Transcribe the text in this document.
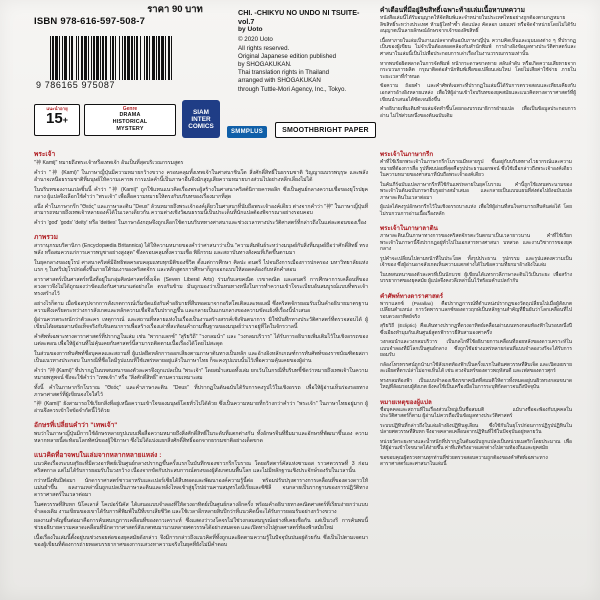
ราคา 90 บาท
ISBN 978-616-597-508-7
9 786165 975087
แนะนำอายุ
15+
Genre
DRAMA
HISTORICAL
MYSTERY
SIAM
INTER
COMICS
SMMPLUS	SMOOTHBRIGHT PAPER
CHI. -CHIKYU NO UNDO NI TSUITE- vol.7
by Uoto

© 2020 Uoto

All rights reserved.

Original Japanese edition published

by SHOGAKUKAN.

Thai translation rights in Thailand

arranged with SHOGAKUKAN

through Tuttle-Mori Agency, Inc., Tokyo.

คำเตือนที่มีอยู่ลิขสิทธิ์เฉพาะท้ายเล่มเนื้อหาบทความ

หนังสือเล่มนี้ได้รับอนุญาตให้จัดพิมพ์และจำหน่ายในประเทศไทยอย่างถูกต้องตามกฎหมายลิขสิทธิ์ระหว่างประเทศ ห้ามผู้ใดทำซ้ำ ดัดแปลง คัดลอก เผยแพร่ หรือจัดจำหน่ายโดยไม่ได้รับอนุญาตเป็นลายลักษณ์อักษรจากเจ้าของลิขสิทธิ์

เนื้อหาภายในเล่มเป็นงานแปลจากต้นฉบับภาษาญี่ปุ่น ความคิดเห็นและมุมมองต่าง ๆ ที่ปรากฏเป็นของผู้เขียน ไม่จำเป็นต้องสอดคล้องกับสำนักพิมพ์ การอ้างอิงข้อมูลทางประวัติศาสตร์และศาสนาในเล่มนี้เป็นไปเพื่อประกอบการเล่าเรื่องในงานวรรณกรรมเท่านั้น

หากพบข้อผิดพลาดในการจัดพิมพ์ หน้ากระดาษขาดหาย สลับลำดับ หรือเกิดความเสียหายจากกระบวนการผลิต กรุณาติดต่อสำนักพิมพ์เพื่อขอเปลี่ยนเล่มใหม่ โดยไม่เสียค่าใช้จ่าย ภายในระยะเวลาที่กำหนด

ข้อความ ถ้อยคำ และคำศัพท์เฉพาะที่ปรากฏในเล่มนี้ได้รับการตรวจสอบและเทียบเคียงกับเอกสารอ้างอิงหลายแหล่ง เพื่อให้ผู้อ่านเข้าใจบริบทของยุคสมัยและแนวคิดทางดาราศาสตร์ที่ผู้เขียนนำเสนอได้ชัดเจนยิ่งขึ้น

คำอธิบายเพิ่มเติมท้ายเล่มจัดทำขึ้นโดยกองบรรณาธิการฝ่ายแปล เพื่อเป็นข้อมูลประกอบการอ่าน ไม่ใช่ส่วนหนึ่งของต้นฉบับเดิม

พระเจ้า

"神 Kamij" หมายถึงพระเจ้าหรือเทพเจ้า อันเป็นที่สุดบริเวณกรรมสูตร

คำว่า "神 (Kami)" ในภาษาญี่ปุ่นมีความหมายกว้างขวาง ครอบคลุมทั้งเทพเจ้าในศาสนาชินโต สิ่งศักดิ์สิทธิ์ในธรรมชาติ วิญญาณบรรพบุรุษ และพลังอำนาจเหนือธรรมชาติที่มนุษย์ให้ความเคารพ การแปลคำนี้เป็นภาษาอื่นจึงมักสูญเสียความหมายบางส่วนไปอย่างหลีกเลี่ยงไม่ได้

ในบริบทของงานแปลชิ้นนี้ คำว่า "神 (Kami)" ถูกใช้แทนแนวคิดเรื่องพระผู้สร้างในศาสนาคริสต์นิกายคาทอลิก ซึ่งเป็นศูนย์กลางความเชื่อของยุโรปยุคกลาง ผู้แปลจึงเลือกใช้คำว่า "พระเจ้า" เพื่อสื่อความหมายให้ตรงกับบริบทของเรื่องมากที่สุด

อนึ่ง คำในภาษากรีก "Θεός" และภาษาละติน "Deus" ล้วนหมายถึงพระเจ้าองค์เดียวในศาสนาที่นับถือพระเจ้าองค์เดียว ต่างจากคำว่า "神" ในภาษาญี่ปุ่นที่สามารถหมายถึงเทพเจ้าหลายองค์ได้ในเวลาเดียวกัน ความต่างเชิงวัฒนธรรมนี้เป็นประเด็นที่นักแปลต้องพิจารณาอย่างรอบคอบ

คำว่า 'god' 'gods' 'deity' หรือ 'deities' ในภาษาอังกฤษจึงถูกเลือกใช้ตามบริบททางศาสนาและช่วงเวลาทางประวัติศาสตร์ที่กล่าวถึงในแต่ละตอนของเรื่อง

ภาพรวม

สารานุกรมบริตานิกา (Encyclopædia Britannica) ได้ให้ความหมายของคำว่าศาสนาว่าเป็น "ความสัมพันธ์ระหว่างมนุษย์กับสิ่งที่มนุษย์ถือว่าศักดิ์สิทธิ์ ทรงพลัง หรือสมควรแก่การเคารพบูชาอย่างสูงสุด" ซึ่งครอบคลุมทั้งความเชื่อ พิธีกรรม และสถาบันทางสังคมที่เกิดขึ้นตามมา

ในยุคกลางของยุโรป ศาสนาคริสต์มีอิทธิพลครอบคลุมแทบทุกมิติของชีวิต ตั้งแต่การศึกษา ศิลปะ ดนตรี ไปจนถึงการเมืองการปกครอง มหาวิทยาลัยแห่งแรก ๆ ในทวีปยุโรปก่อตั้งขึ้นภายใต้ร่มเงาของคริสตจักร และหลักสูตรการศึกษาก็ถูกออกแบบให้สอดคล้องกับหลักคำสอน

ดาราศาสตร์เป็นศาสตร์หนึ่งที่อยู่ในกลุ่มศิลปศาสตร์ทั้งเจ็ด (Seven Liberal Arts) ร่วมกับเลขคณิต เรขาคณิต และดนตรี การศึกษาการเคลื่อนที่ของดวงดาวจึงไม่ได้ถูกมองว่าขัดแย้งกับศาสนาแต่อย่างใด ตรงกันข้าม มันถูกมองว่าเป็นหนทางหนึ่งในการทำความเข้าใจระเบียบอันสมบูรณ์แบบที่พระเจ้าทรงสร้างไว้

อย่างไรก็ตาม เมื่อข้อสรุปจากการสังเกตการณ์เริ่มขัดแย้งกับคำอธิบายที่สืบทอดมาจากอริสโตเติลและทอเลมี ซึ่งคริสตจักรยอมรับเป็นคำอธิบายมาตรฐาน ความตึงเครียดระหว่างการสังเกตและหลักความเชื่อจึงเริ่มปรากฏขึ้น และกลายเป็นแกนกลางของความขัดแย้งที่เรื่องนี้นำเสนอ

ผู้อ่านควรตระหนักว่าตัวละคร เหตุการณ์ และสถานที่หลายแห่งในเรื่องเป็นงานสร้างสรรค์เชิงจินตนาการ มิใช่บันทึกทางประวัติศาสตร์ที่ตรวจสอบได้ ผู้เขียนได้ผสมผสานข้อเท็จจริงกับจินตนาการเพื่อสร้างเรื่องเล่าที่สะท้อนคำถามพื้นฐานของมนุษย์ว่าเราอยู่ที่ใดในจักรวาลนี้

คำศัพท์เฉพาะทางดาราศาสตร์ที่ปรากฏในเล่ม เช่น "พาราแลกซ์" "สุริยวิถี" "วงกลมนำ" และ "วงกลมบริวาร" ได้รับการอธิบายเพิ่มเติมไว้ในเชิงอรรถของแต่ละตอน เพื่อให้ผู้อ่านที่ไม่คุ้นเคยกับศาสตร์นี้สามารถติดตามเนื้อเรื่องได้โดยไม่สะดุด

ในส่วนของการทับศัพท์ชื่อบุคคลและสถานที่ ผู้แปลยึดหลักการออกเสียงตามภาษาต้นทางเป็นหลัก และอ้างอิงหลักเกณฑ์การทับศัพท์ของราชบัณฑิตยสภาเป็นแนวทางประกอบ ในกรณีที่ชื่อใดมีรูปแบบที่ใช้แพร่หลายอยู่แล้วในภาษาไทย ก็จะคงรูปแบบนั้นไว้เพื่อความคุ้นเคยของผู้อ่าน

คำว่า "神 (Kami)" ที่ปรากฏในบทสนทนาของตัวละครจึงถูกแปลเป็น "พระเจ้า" โดยสม่ำเสมอทั้งเล่ม ยกเว้นในกรณีที่บริบทชี้ชัดว่าหมายถึงเทพเจ้าในความหมายพหูพจน์ ซึ่งจะใช้คำว่า "เทพเจ้า" หรือ "สิ่งศักดิ์สิทธิ์" ตามความเหมาะสม

ทั้งนี้ คำในภาษากรีกโบราณ "Θεός" และคำภาษาละติน "Deus" ที่ปรากฏในต้นฉบับได้รับการคงรูปไว้ในเชิงอรรถ เพื่อให้ผู้อ่านเห็นร่องรอยทางภาษาศาสตร์ที่ผู้เขียนจงใจใส่ไว้

"神 (Kami)" ยังสามารถใช้เรียกสิ่งที่อยู่เหนือความเข้าใจของมนุษย์โดยทั่วไปได้ด้วย ซึ่งเป็นความหมายที่กว้างกว่าคำว่า "พระเจ้า" ในภาษาไทยอยู่มาก ผู้อ่านจึงควรเข้าใจข้อจำกัดนี้ไว้ด้วย

อักษรที่เปลี่ยนคำว่า "เทพเจ้า"

พบว่าในภาษาญี่ปุ่นมีการใช้อักษรหลายรูปแบบเพื่อสื่อความหมายถึงสิ่งศักดิ์สิทธิ์ในระดับที่แตกต่างกัน ทั้งอักษรจีนที่ยืมมาและอักษรที่พัฒนาขึ้นเอง ความหลากหลายนี้สะท้อนโลกทัศน์ของผู้ใช้ภาษา ซึ่งไม่ได้แบ่งแยกสิ่งศักดิ์สิทธิ์ออกจากธรรมชาติอย่างเด็ดขาด

แนวคิดที่อาจพบในเล่มจากหลากหลายแหล่ง :

แนวคิดเรื่องระบบสุริยะที่มีดวงอาทิตย์เป็นศูนย์กลางปรากฏขึ้นครั้งแรกในบันทึกของชาวกรีกโบราณ โดยอริสตาร์คัสแห่งซามอส ราวศตวรรษที่ 3 ก่อนคริสตกาล แต่ไม่ได้รับการยอมรับในวงกว้าง เนื่องจากขัดกับประสบการณ์ตรงของผู้สังเกตบนพื้นโลก และไม่มีหลักฐานเชิงประจักษ์รองรับในเวลานั้น

กว่าหนึ่งพันปีต่อมา นักดาราศาสตร์ชาวอาหรับและเปอร์เซียได้สืบทอดและพัฒนาองค์ความรู้นี้ต่อ พร้อมปรับปรุงตารางการเคลื่อนที่ของดวงดาวให้แม่นยำขึ้น ผลงานเหล่านั้นถูกแปลเป็นภาษาละตินและหลั่งไหลเข้าสู่ยุโรปผ่านคาบสมุทรไอบีเรียและซิซิลี จนกลายเป็นรากฐานของการปฏิวัติทางดาราศาสตร์ในเวลาต่อมา

ในศตวรรษที่สิบหก นิโคเลาส์ โคเปอร์นิคัส ได้เสนอแบบจำลองที่ให้ดวงอาทิตย์เป็นศูนย์กลางอีกครั้ง พร้อมคำอธิบายทางคณิตศาสตร์ที่เรียบง่ายกว่าแบบจำลองเดิม งานเขียนของเขาได้รับการตีพิมพ์ในปีที่เขาเสียชีวิต และใช้เวลาอีกหลายสิบปีกว่าที่แนวคิดนี้จะได้รับการยอมรับอย่างกว้างขวาง

ผลงานสำคัญชิ้นต่อมาคือการค้นพบกฎการเคลื่อนที่ของดาวเคราะห์ ซึ่งแสดงว่าวงโคจรไม่ใช่วงกลมสมบูรณ์อย่างที่เคยเชื่อกัน แต่เป็นวงรี การค้นพบนี้ช่วยอธิบายความคลาดเคลื่อนที่นักดาราศาสตร์สังเกตพบมานานหลายศตวรรษได้อย่างหมดจด และเปิดทางไปสู่กลศาสตร์ท้องฟ้าสมัยใหม่

เนื้อเรื่องในเล่มนี้ตั้งอยู่บนช่วงรอยต่อของยุคสมัยดังกล่าว จึงมีการกล่าวถึงแนวคิดที่ทั้งถูกและผิดตามความรู้ในปัจจุบันปนอยู่ด้วยกัน ซึ่งเป็นไปตามเจตนาของผู้เขียนที่ต้องการถ่ายทอดบรรยากาศของการแสวงหาความจริงในยุคที่ยังไม่มีคำตอบ

พระเจ้าในภาษากรีก

คำที่ใช้เรียกพระเจ้าในภาษากรีกโบราณมีหลายรูป ขึ้นอยู่กับบริบททางไวยากรณ์และความหมายที่ต้องการสื่อ รูปที่พบบ่อยที่สุดคือรูปประธานเอกพจน์ ซึ่งใช้เมื่อกล่าวถึงพระเจ้าองค์เดียวในความหมายของศาสนาที่นับถือพระเจ้าองค์เดียว

ในคัมภีร์ฉบับแปลภาษากรีกที่ใช้กันแพร่หลายในยุคโบราณ คำนี้ถูกใช้แทนพระนามของพระเจ้าในต้นฉบับภาษาฮีบรูอย่างสม่ำเสมอ และกลายเป็นแบบแผนที่ส่งต่อไปยังฉบับแปลภาษาละตินในเวลาต่อมา

ผู้แปลได้คงรูปอักษรกรีกไว้ในเชิงอรรถบางแห่ง เพื่อให้ผู้อ่านที่สนใจสามารถสืบค้นต่อได้ โดยไม่รบกวนการอ่านเนื้อเรื่องหลัก

พระเจ้าในภาษาลาติน

ภาษาละตินเป็นภาษาทางการของคริสตจักรตะวันตกมาเป็นเวลายาวนาน คำที่ใช้เรียกพระเจ้าในภาษานี้จึงปรากฏอยู่ทั่วไปในเอกสารทางศาสนา บทสวด และงานวิชาการของยุคกลาง

รูปคำจะเปลี่ยนไปตามหน้าที่ในประโยค ทั้งรูปประธาน รูปกรรม และรูปแสดงความเป็นเจ้าของ ซึ่งผู้อ่านอาจสังเกตเห็นความแตกต่างได้ในข้อความที่ยกมาอ้างอิงในเล่ม

ในบทสนทนาของตัวละครที่เป็นนักบวช ผู้เขียนได้แทรกวลีภาษาละตินไว้เป็นระยะ เพื่อสร้างบรรยากาศของยุคสมัย ผู้แปลจึงคงวลีเหล่านั้นไว้พร้อมคำแปลกำกับ

คำศัพท์ทางดาราศาสตร์

พาราแลกซ์ (Parallax) คือปรากฏการณ์ที่ตำแหน่งปรากฏของวัตถุเปลี่ยนไปเมื่อผู้สังเกตเปลี่ยนตำแหน่ง การวัดพาราแลกซ์ของดาวฤกษ์เป็นหลักฐานสำคัญที่ยืนยันว่าโลกเคลื่อนที่ไปรอบดวงอาทิตย์จริง

สุริยวิถี (Ecliptic) คือเส้นทางปรากฏที่ดวงอาทิตย์เคลื่อนผ่านบนทรงกลมท้องฟ้าในรอบหนึ่งปี ซึ่งเอียงทำมุมกับเส้นศูนย์สูตรฟ้าราวยี่สิบสามองศาครึ่ง

วงกลมนำและวงกลมบริวาร เป็นกลไกที่ใช้อธิบายการเคลื่อนที่ถอยหลังของดาวเคราะห์ในแบบจำลองที่มีโลกเป็นศูนย์กลาง ซึ่งถูกใช้อย่างแพร่หลายก่อนที่แบบจำลองวงรีจะได้รับการยอมรับ

กล้องโทรทรรศน์ถูกนำมาใช้สังเกตท้องฟ้าเป็นครั้งแรกในต้นศตวรรษที่สิบเจ็ด และเปิดเผยรายละเอียดที่ตาเปล่าไม่อาจเห็นได้ เช่น ดวงจันทร์ของดาวพฤหัสบดี และเฟสของดาวศุกร์

ทรงกลมท้องฟ้า เป็นแบบจำลองเชิงเรขาคณิตที่สมมติให้ดาวทั้งหมดอยู่บนผิวทรงกลมขนาดใหญ่ที่ล้อมรอบผู้สังเกต ยังคงใช้เป็นเครื่องมือในการระบุพิกัดดาวจนถึงปัจจุบัน

หมายเหตุของผู้แปล

ชื่อบุคคลและสถานที่ในเรื่องส่วนใหญ่เป็นชื่อสมมติ แม้บางชื่อจะพ้องกับบุคคลในประวัติศาสตร์ก็ตาม ผู้อ่านไม่ควรถือเป็นข้อมูลทางประวัติศาสตร์

ระบบปฏิทินที่กล่าวถึงในเล่มอ้างอิงปฏิทินจูเลียน ซึ่งใช้กันในยุโรปก่อนการปฏิรูปปฏิทินในปลายศตวรรษที่สิบหก จึงอาจคลาดเคลื่อนจากปฏิทินที่ใช้ในปัจจุบันอยู่หลายวัน

หน่วยวัดระยะทางและน้ำหนักที่ปรากฏในต้นฉบับถูกแปลงเป็นหน่วยเมตริกโดยประมาณ เพื่อให้ผู้อ่านเข้าใจขนาดได้ง่ายขึ้น ค่าที่แท้จริงอาจแตกต่างไปตามท้องถิ่นและยุคสมัย

ขอขอบคุณผู้ตรวจทานทุกท่านที่ช่วยตรวจสอบความถูกต้องของคำศัพท์เฉพาะทางดาราศาสตร์และศาสนาในเล่มนี้
